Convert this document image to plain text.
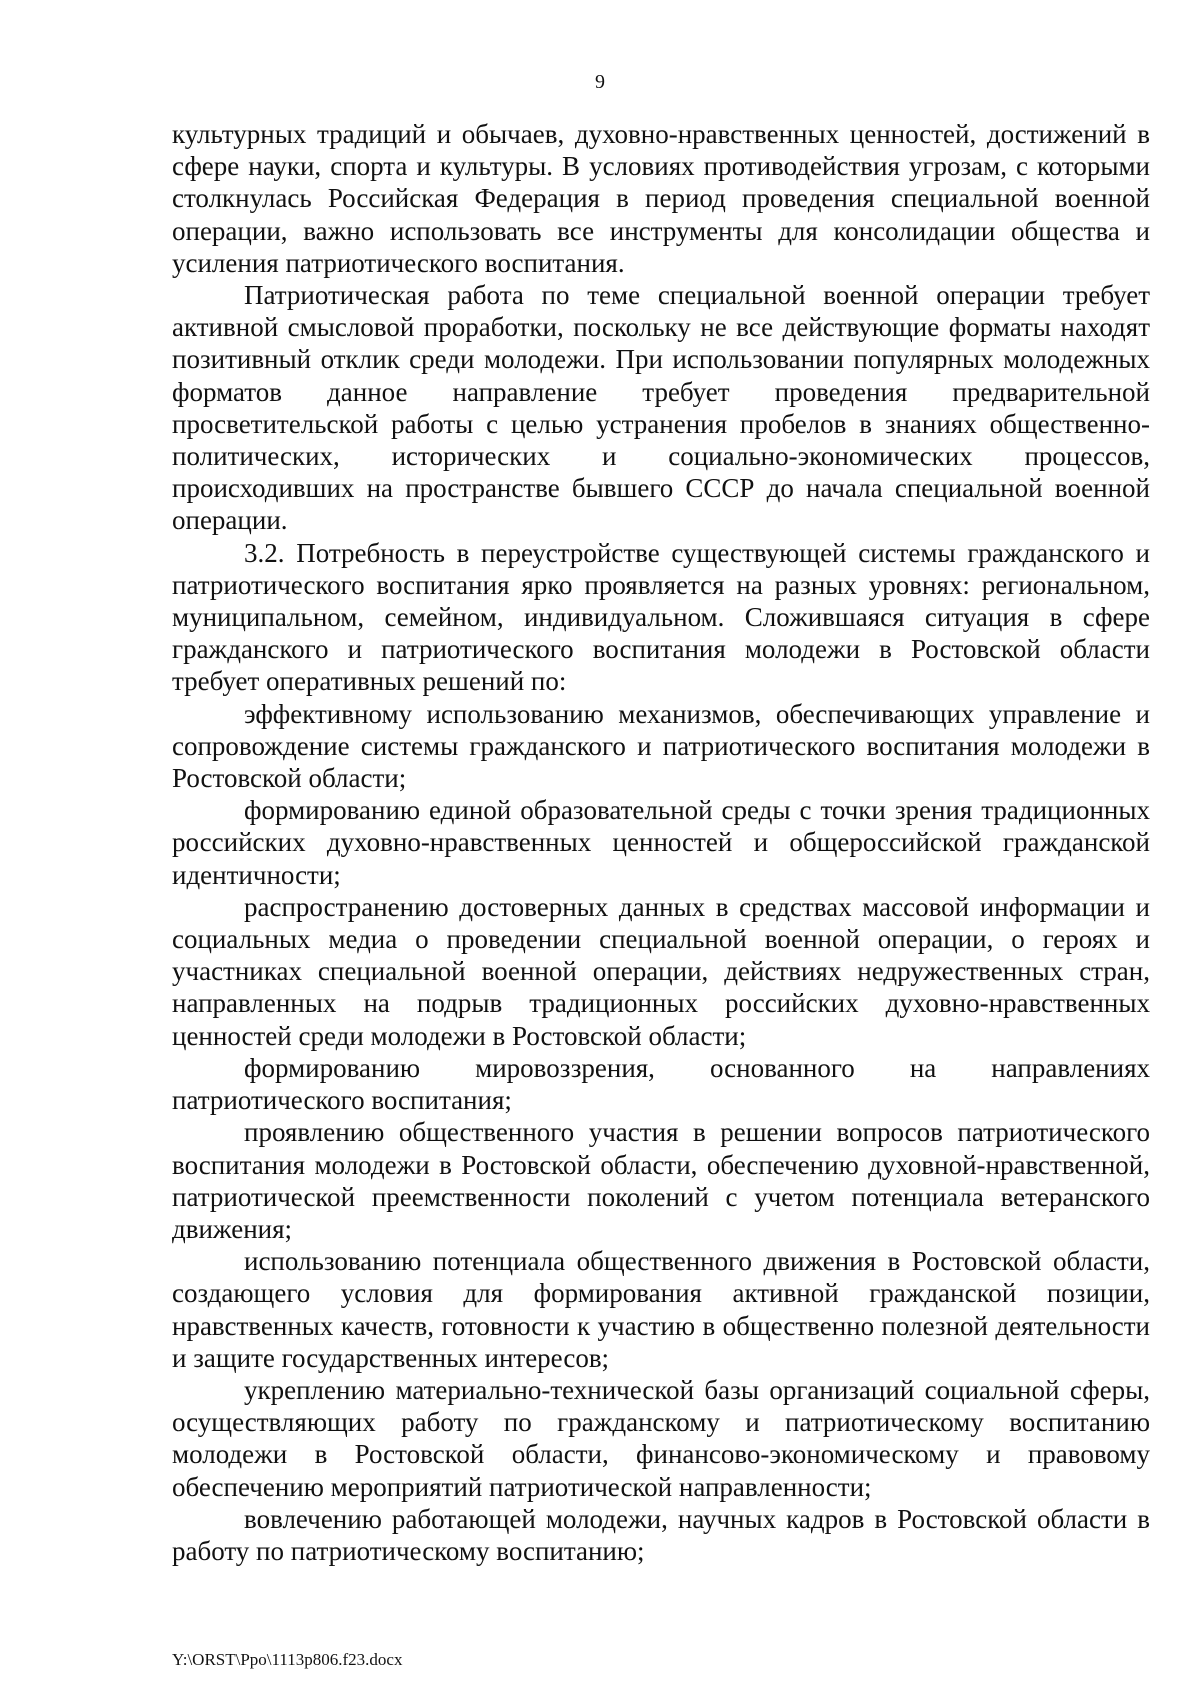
9

культурных традиций и обычаев, духовно-нравственных ценностей, достижений в сфере науки, спорта и культуры. В условиях противодействия угрозам, с которыми столкнулась Российская Федерация в период проведения специальной военной операции, важно использовать все инструменты для консолидации общества и усиления патриотического воспитания.

Патриотическая работа по теме специальной военной операции требует активной смысловой проработки, поскольку не все действующие форматы находят позитивный отклик среди молодежи. При использовании популярных молодежных форматов данное направление требует проведения предварительной просветительской работы с целью устранения пробелов в знаниях общественно-политических, исторических и социально-экономических процессов, происходивших на пространстве бывшего СССР до начала специальной военной операции.

3.2. Потребность в переустройстве существующей системы гражданского и патриотического воспитания ярко проявляется на разных уровнях: региональном, муниципальном, семейном, индивидуальном. Сложившаяся ситуация в сфере гражданского и патриотического воспитания молодежи в Ростовской области требует оперативных решений по:

эффективному использованию механизмов, обеспечивающих управление и сопровождение системы гражданского и патриотического воспитания молодежи в Ростовской области;

формированию единой образовательной среды с точки зрения традиционных российских духовно-нравственных ценностей и общероссийской гражданской идентичности;

распространению достоверных данных в средствах массовой информации и социальных медиа о проведении специальной военной операции, о героях и участниках специальной военной операции, действиях недружественных стран, направленных на подрыв традиционных российских духовно-нравственных ценностей среди молодежи в Ростовской области;

формированию мировоззрения, основанного на направлениях патриотического воспитания;

проявлению общественного участия в решении вопросов патриотического воспитания молодежи в Ростовской области, обеспечению духовной-нравственной, патриотической преемственности поколений с учетом потенциала ветеранского движения;

использованию потенциала общественного движения в Ростовской области, создающего условия для формирования активной гражданской позиции, нравственных качеств, готовности к участию в общественно полезной деятельности и защите государственных интересов;

укреплению материально-технической базы организаций социальной сферы, осуществляющих работу по гражданскому и патриотическому воспитанию молодежи в Ростовской области, финансово-экономическому и правовому обеспечению мероприятий патриотической направленности;

вовлечению работающей молодежи, научных кадров в Ростовской области в работу по патриотическому воспитанию;

Y:\ORST\Ppo\1113p806.f23.docx
